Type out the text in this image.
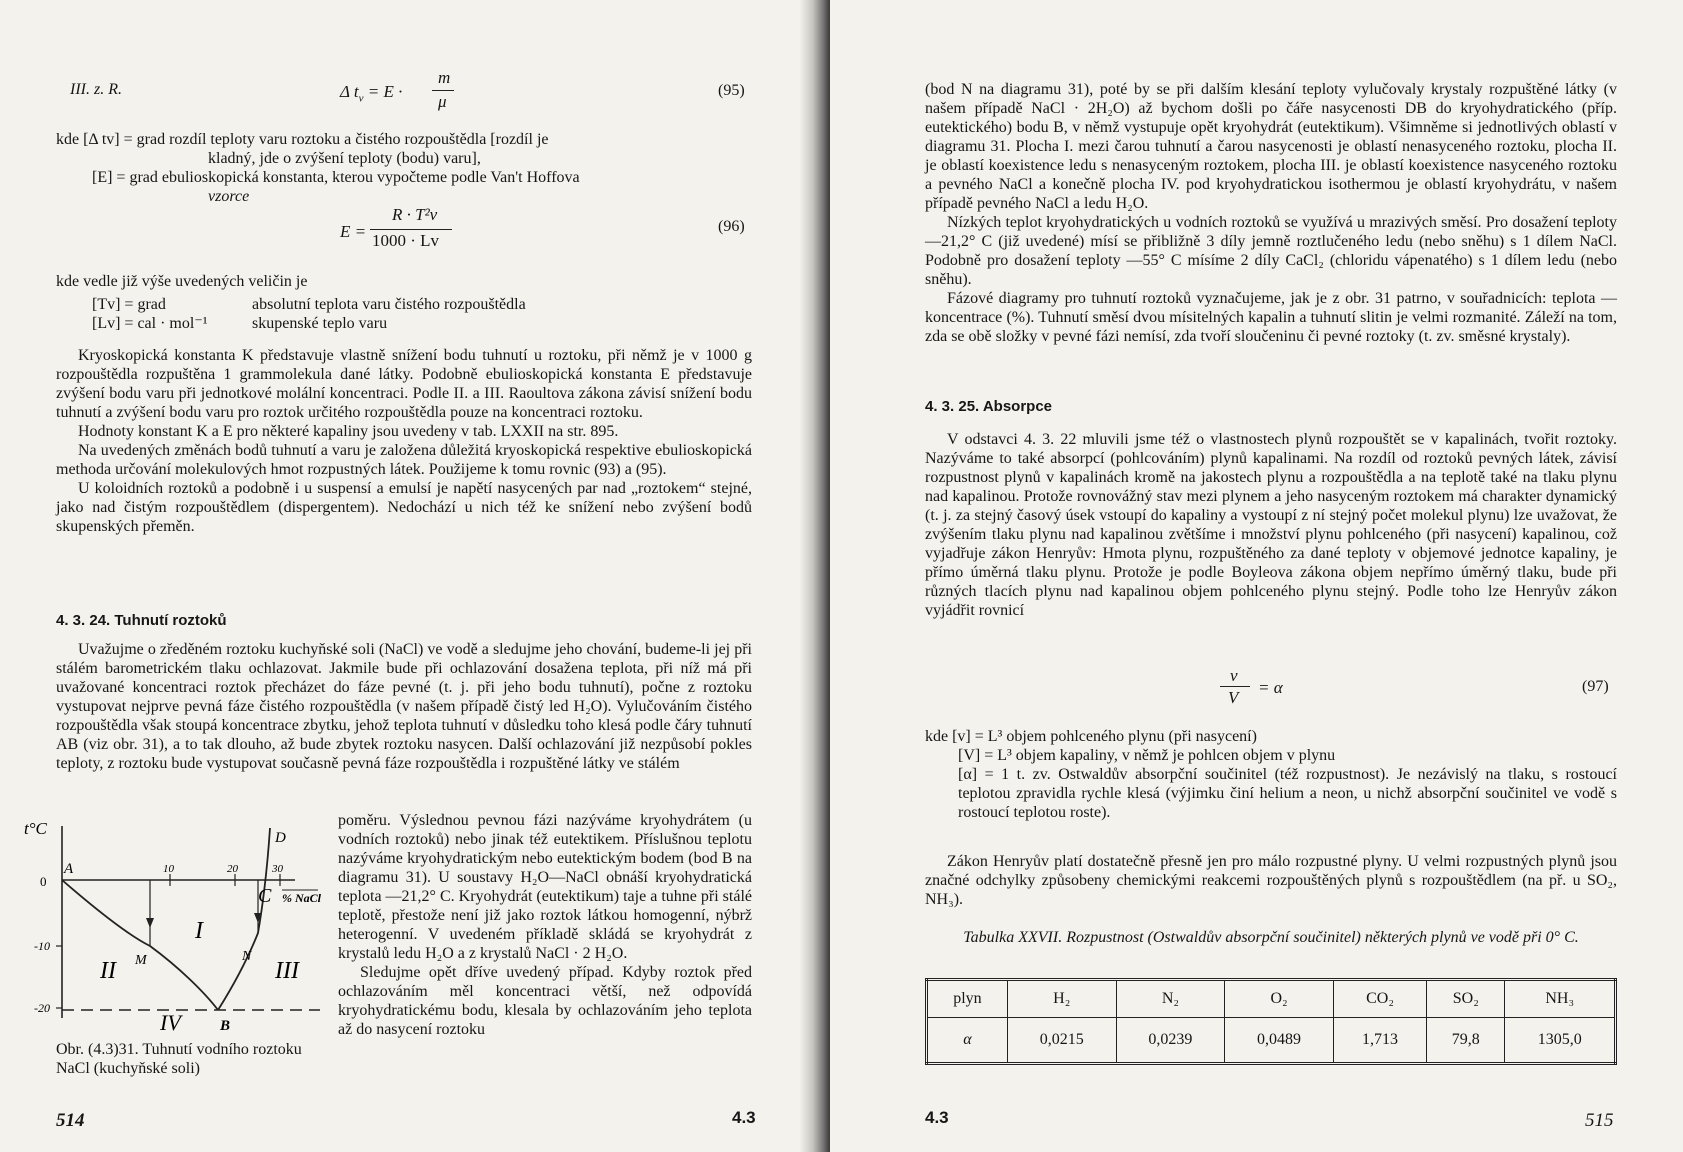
III. z. R.	Δ $t_v = E$ ·
m
μ
(95)
kde [Δ tv] = grad rozdíl teploty varu roztoku a čistého rozpouštědla [rozdíl je
kladný, jde o zvýšení teploty (bodu) varu],
[E] = grad ebulioskopická konstanta, kterou vypočteme podle Van't Hoffova
vzorce
E =
R · T²v
1000 · Lv
(96)
kde vedle již výše uvedených veličin je
[Tv] = grad	absolutní teplota varu čistého rozpouštědla
[Lv] = cal · mol⁻¹	skupenské teplo varu

Kryoskopická konstanta K představuje vlastně snížení bodu tuhnutí u roztoku, při němž je v 1000 g rozpouštědla rozpuštěna 1 grammolekula dané látky. Podobně ebulioskopická konstanta E představuje zvýšení bodu varu při jednotkové molální koncentraci. Podle II. a III. Raoultova zákona závisí snížení bodu tuhnutí a zvýšení bodu varu pro roztok určitého rozpouštědla pouze na koncentraci roztoku.

Hodnoty konstant K a E pro některé kapaliny jsou uvedeny v tab. LXXII na str. 895.

Na uvedených změnách bodů tuhnutí a varu je založena důležitá kryoskopická respektive ebulioskopická methoda určování molekulových hmot rozpustných látek. Použijeme k tomu rovnic (93) a (95).

U koloidních roztoků a podobně i u suspensí a emulsí je napětí nasycených par nad „roztokem“ stejné, jako nad čistým rozpouštědlem (dispergentem). Nedochází u nich též ke snížení nebo zvýšení bodů skupenských přeměn.

4. 3. 24. Tuhnutí roztoků

Uvažujme o zředěném roztoku kuchyňské soli (NaCl) ve vodě a sledujme jeho chování, budeme-li jej při stálém barometrickém tlaku ochlazovat. Jakmile bude při ochlazování dosažena teplota, při níž má při uvažované koncentraci roztok přecházet do fáze pevné (t. j. při jeho bodu tuhnutí), počne z roztoku vystupovat nejprve pevná fáze čistého rozpouštědla (v našem případě čistý led H₂O). Vylučováním čistého rozpouštědla však stoupá koncentrace zbytku, jehož teplota tuhnutí v důsledku toho klesá podle čáry tuhnutí AB (viz obr. 31), a to tak dlouho, až bude zbytek roztoku nasycen. Další ochlazování již nezpůsobí pokles teploty, z roztoku bude vystupovat současně pevná fáze rozpouštědla i rozpuštěné látky ve stálém

poměru. Výslednou pevnou fázi nazýváme kryohydrátem (u vodních roztoků) nebo jinak též eutektikem. Příslušnou teplotu nazýváme kryohydratickým nebo eutektickým bodem (bod B na diagramu 31). U soustavy H₂O—NaCl obnáší kryohydratická teplota —21,2° C. Kryohydrát (eutektikum) taje a tuhne při stálé teplotě, přestože není již jako roztok látkou homogenní, nýbrž heterogenní. V uvedeném příkladě skládá se kryohydrát z krystalů ledu H₂O a z krystalů NaCl · 2 H₂O.

Sledujme opět dříve uvedený případ. Kdyby roztok před ochlazováním měl koncentraci větší, než odpovídá kryohydratickému bodu, klesala by ochlazováním jeho teplota až do nasycení roztoku

t°C
0
-10
-20
10	20	30
A
M	N
B
C
D
% NaCl
I
II	III
IV
Obr. (4.3)31. Tuhnutí vodního roztoku NaCl (kuchyňské soli)
514	4.3

(bod N na diagramu 31), poté by se při dalším klesání teploty vylučovaly krystaly rozpuštěné látky (v našem případě NaCl · 2H₂O) až bychom došli po čáře nasycenosti DB do kryohydratického (příp. eutektického) bodu B, v němž vystupuje opět kryohydrát (eutektikum). Všimněme si jednotlivých oblastí v diagramu 31. Plocha I. mezi čarou tuhnutí a čarou nasycenosti je oblastí nenasyceného roztoku, plocha II. je oblastí koexistence ledu s nenasyceným roztokem, plocha III. je oblastí koexistence nasyceného roztoku a pevného NaCl a konečně plocha IV. pod kryohydratickou isothermou je oblastí kryohydrátu, v našem případě pevného NaCl a ledu H₂O.

Nízkých teplot kryohydratických u vodních roztoků se využívá u mrazivých směsí. Pro dosažení teploty —21,2° C (již uvedené) mísí se přibližně 3 díly jemně roztlučeného ledu (nebo sněhu) s 1 dílem NaCl. Podobně pro dosažení teploty —55° C mísíme 2 díly CaCl₂ (chloridu vápenatého) s 1 dílem ledu (nebo sněhu).

Fázové diagramy pro tuhnutí roztoků vyznačujeme, jak je z obr. 31 patrno, v souřadnicích: teplota — koncentrace (%). Tuhnutí směsí dvou mísitelných kapalin a tuhnutí slitin je velmi rozmanité. Záleží na tom, zda se obě složky v pevné fázi nemísí, zda tvoří sloučeninu či pevné roztoky (t. zv. směsné krystaly).

4. 3. 25. Absorpce

V odstavci 4. 3. 22 mluvili jsme též o vlastnostech plynů rozpouštět se v kapalinách, tvořit roztoky. Nazýváme to také absorpcí (pohlcováním) plynů kapalinami. Na rozdíl od roztoků pevných látek, závisí rozpustnost plynů v kapalinách kromě na jakostech plynu a rozpouštědla a na teplotě také na tlaku plynu nad kapalinou. Protože rovnovážný stav mezi plynem a jeho nasyceným roztokem má charakter dynamický (t. j. za stejný časový úsek vstoupí do kapaliny a vystoupí z ní stejný počet molekul plynu) lze uvažovat, že zvýšením tlaku plynu nad kapalinou zvětšíme i množství plynu pohlceného (při nasycení) kapalinou, což vyjadřuje zákon Henryův: Hmota plynu, rozpuštěného za dané teploty v objemové jednotce kapaliny, je přímo úměrná tlaku plynu. Protože je podle Boyleova zákona objem nepřímo úměrný tlaku, bude při různých tlacích plynu nad kapalinou objem pohlceného plynu stejný. Podle toho lze Henryův zákon vyjádřit rovnicí

v
V
= α	(97)
kde [v] = L³ objem pohlceného plynu (při nasycení)
[V] = L³ objem kapaliny, v němž je pohlcen objem v plynu
[α] = 1 t. zv. Ostwaldův absorpční součinitel (též rozpustnost). Je nezávislý na tlaku, s rostoucí teplotou zpravidla rychle klesá (výjimku činí helium a neon, u nichž absorpční součinitel ve vodě s rostoucí teplotou roste).

Zákon Henryův platí dostatečně přesně jen pro málo rozpustné plyny. U velmi rozpustných plynů jsou značné odchylky způsobeny chemickými reakcemi rozpouštěných plynů s rozpouštědlem (na př. u SO₂, NH₃).

Tabulka XXVII. Rozpustnost (Ostwaldův absorpční součinitel) některých plynů ve vodě při 0° C.
plyn	H₂	N₂	O₂	CO₂	SO₂	NH₃
α	0,0215	0,0239	0,0489	1,713	79,8	1305,0
4.3	515
